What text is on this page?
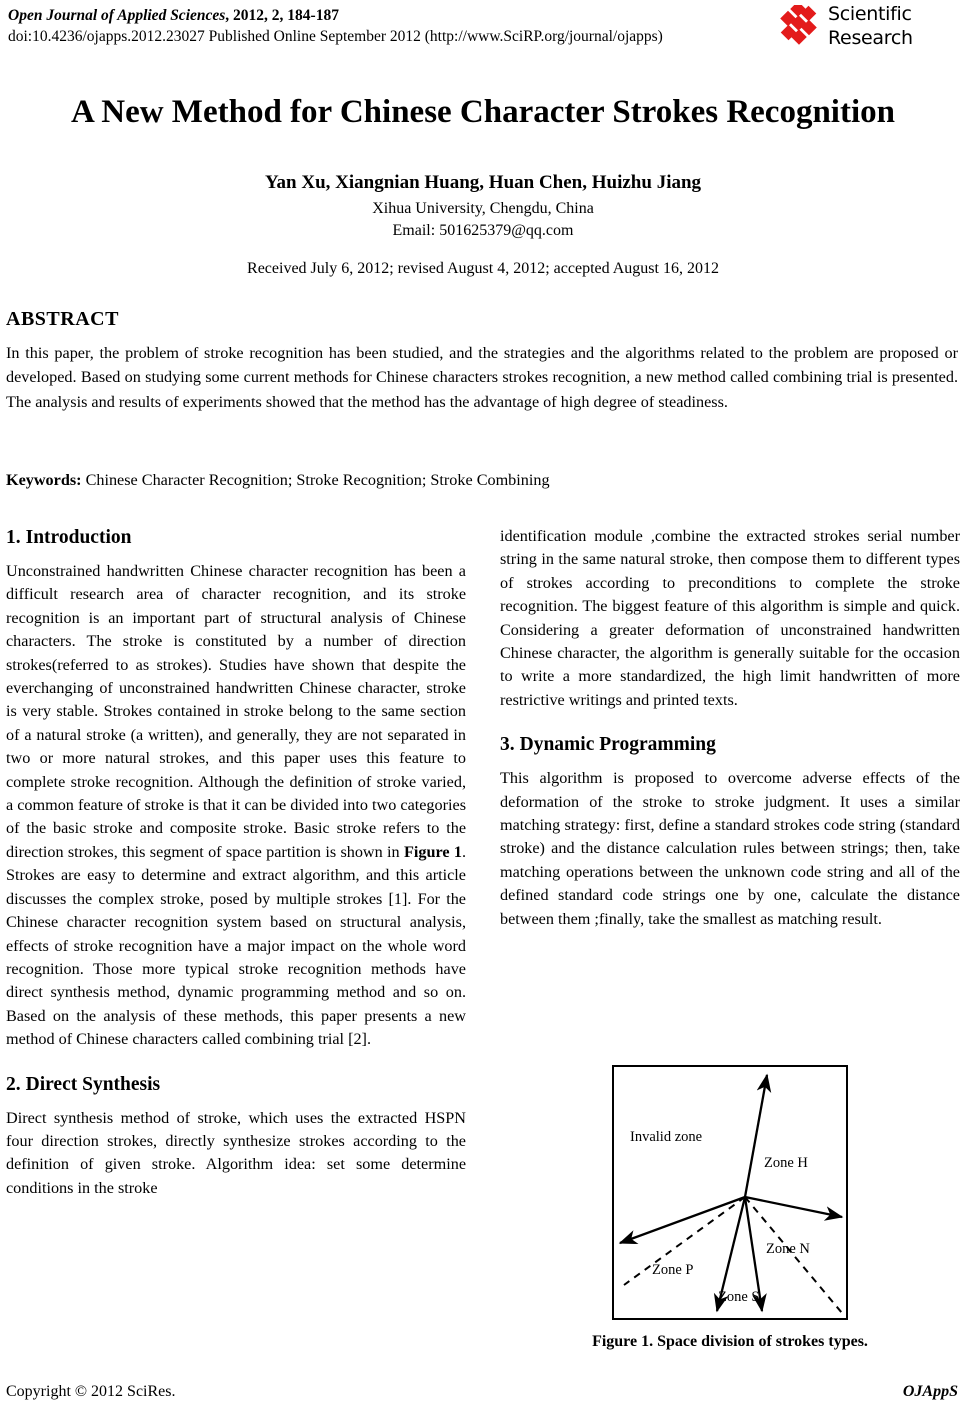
Open Journal of Applied Sciences, 2012, 2, 184-187
doi:10.4236/ojapps.2012.23027 Published Online September 2012 (http://www.SciRP.org/journal/ojapps)
Scientific
Research
A New Method for Chinese Character Strokes Recognition
Yan Xu, Xiangnian Huang, Huan Chen, Huizhu Jiang
Xihua University, Chengdu, China
Email: 501625379@qq.com
Received July 6, 2012; revised August 4, 2012; accepted August 16, 2012
ABSTRACT
In this paper, the problem of stroke recognition has been studied, and the strategies and the algorithms related to the problem are proposed or developed. Based on studying some current methods for Chinese characters strokes recognition, a new method called combining trial is presented. The analysis and results of experiments showed that the method has the advantage of high degree of steadiness.
Keywords: Chinese Character Recognition; Stroke Recognition; Stroke Combining
1. Introduction

Unconstrained handwritten Chinese character recognition has been a difficult research area of character recognition, and its stroke recognition is an important part of structural analysis of Chinese characters. The stroke is constituted by a number of direction strokes(referred to as strokes). Studies have shown that despite the everchanging of unconstrained handwritten Chinese character, stroke is very stable. Strokes contained in stroke belong to the same section of a natural stroke (a written), and generally, they are not separated in two or more natural strokes, and this paper uses this feature to complete stroke recognition. Although the definition of stroke varied, a common feature of stroke is that it can be divided into two categories of the basic stroke and composite stroke. Basic stroke refers to the direction strokes, this segment of space partition is shown in Figure 1. Strokes are easy to determine and extract algorithm, and this article discusses the complex stroke, posed by multiple strokes [1]. For the Chinese character recognition system based on structural analysis, effects of stroke recognition have a major impact on the whole word recognition. Those more typical stroke recognition methods have direct synthesis method, dynamic programming method and so on. Based on the analysis of these methods, this paper presents a new method of Chinese characters called combining trial [2].

2. Direct Synthesis

Direct synthesis method of stroke, which uses the extracted HSPN four direction strokes, directly synthesize strokes according to the definition of given stroke. Algorithm idea: set some determine conditions in the stroke

identification module ,combine the extracted strokes serial number string in the same natural stroke, then compose them to different types of strokes according to preconditions to complete the stroke recognition. The biggest feature of this algorithm is simple and quick. Considering a greater deformation of unconstrained handwritten Chinese character, the algorithm is generally suitable for the occasion to write a more standardized, the high limit handwritten of more restrictive writings and printed texts.

3. Dynamic Programming

This algorithm is proposed to overcome adverse effects of the deformation of the stroke to stroke judgment. It uses a similar matching strategy: first, define a standard strokes code string (standard stroke) and the distance calculation rules between strings; then, take matching operations between the unknown code string and all of the defined standard code strings one by one, calculate the distance between them ;finally, take the smallest as matching result.

Invalid zone
Zone H
Zone P
Zone N
Zone S
Figure 1. Space division of strokes types.
Copyright © 2012 SciRes.	OJAppS
